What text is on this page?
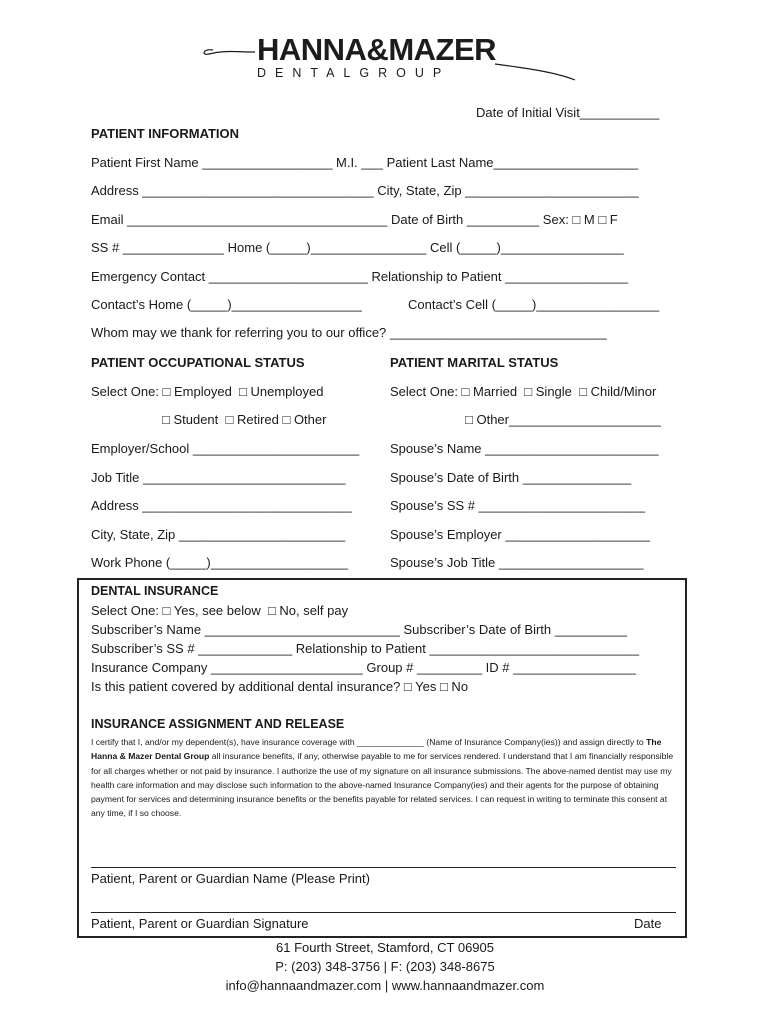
HANNA&MAZER
DENTALGROUP
Date of Initial Visit___________
PATIENT INFORMATION
Patient First Name __________________ M.I. ___ Patient Last Name____________________
Address ________________________________ City, State, Zip ________________________
Email ____________________________________ Date of Birth __________ Sex: □ M □ F
SS # ______________ Home (_____)________________ Cell (_____)_________________
Emergency Contact ______________________ Relationship to Patient _________________
Contact’s Home (_____)__________________	Contact’s Cell (_____)_________________
Whom may we thank for referring you to our office? ______________________________
PATIENT OCCUPATIONAL STATUS	PATIENT MARITAL STATUS
Select One: □ Employed  □ Unemployed	Select One: □ Married  □ Single  □ Child/Minor
□ Student  □ Retired □ Other	□ Other_____________________
Employer/School _______________________ Spouse’s Name ________________________
Job Title ____________________________	Spouse’s Date of Birth _______________
Address _____________________________	Spouse’s SS # _______________________
City, State, Zip _______________________	Spouse’s Employer ____________________
Work Phone (_____)___________________	Spouse’s Job Title ____________________
DENTAL INSURANCE
Select One: □ Yes, see below  □ No, self pay
Subscriber’s Name ___________________________ Subscriber’s Date of Birth __________
Subscriber’s SS # _____________ Relationship to Patient _____________________________
Insurance Company _____________________ Group # _________ ID # _________________
Is this patient covered by additional dental insurance? □ Yes □ No
INSURANCE ASSIGNMENT AND RELEASE
I certify that I, and/or my dependent(s), have insurance coverage with ______________ (Name of Insurance Company(ies)) and assign directly to The Hanna & Mazer Dental Group all insurance benefits, if any, otherwise payable to me for services rendered. I understand that I am financially responsible for all charges whether or not paid by insurance. I authorize the use of my signature on all insurance submissions. The above-named dentist may use my health care information and may disclose such information to the above-named Insurance Company(ies) and their agents for the purpose of obtaining payment for services and determining insurance benefits or the benefits payable for related services. I can request in writing to terminate this consent at any time, if I so choose.
Patient, Parent or Guardian Name (Please Print)
Patient, Parent or Guardian Signature	Date
61 Fourth Street, Stamford, CT 06905
P: (203) 348-3756 | F: (203) 348-8675
info@hannaandmazer.com | www.hannaandmazer.com
